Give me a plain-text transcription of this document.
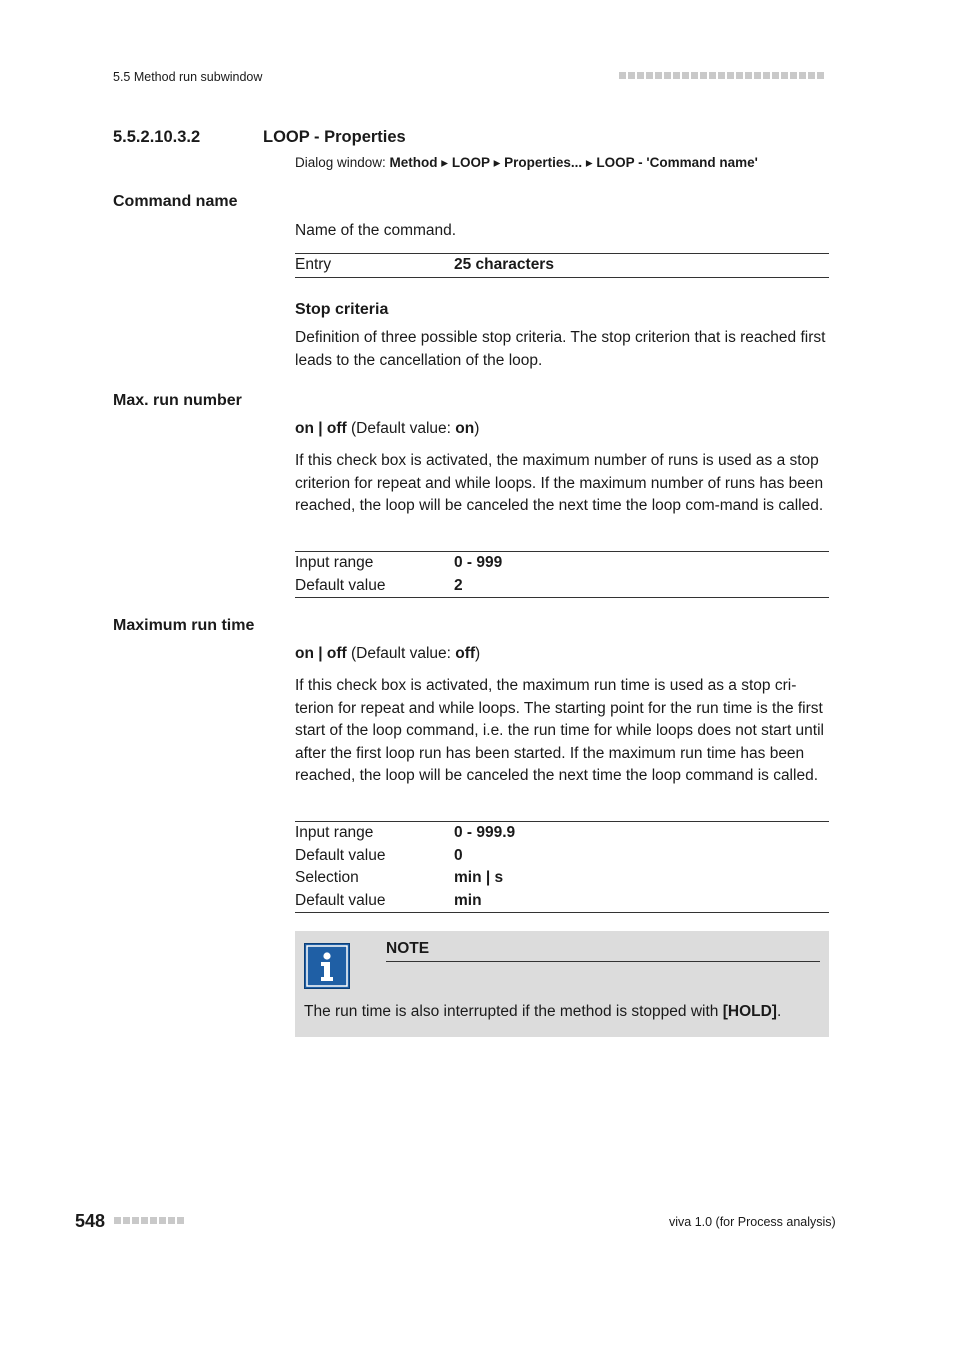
5.5 Method run subwindow
5.5.2.10.3.2	LOOP - Properties
Dialog window: Method ▸ LOOP ▸ Properties... ▸ LOOP - 'Command name'
Command name
Name of the command.
Entry	25 characters
Stop criteria
Definition of three possible stop criteria. The stop criterion that is reached first leads to the cancellation of the loop.
Max. run number
on | off (Default value: on)
If this check box is activated, the maximum number of runs is used as a stop criterion for repeat and while loops. If the maximum number of runs has been reached, the loop will be canceled the next time the loop com-mand is called.
Input range	0 - 999
Default value	2
Maximum run time
on | off (Default value: off)
If this check box is activated, the maximum run time is used as a stop cri-terion for repeat and while loops. The starting point for the run time is the first start of the loop command, i.e. the run time for while loops does not start until after the first loop run has been started. If the maximum run time has been reached, the loop will be canceled the next time the loop command is called.
Input range	0 - 999.9
Default value	0
Selection	min | s
Default value	min
NOTE
The run time is also interrupted if the method is stopped with [HOLD].
548	viva 1.0 (for Process analysis)
